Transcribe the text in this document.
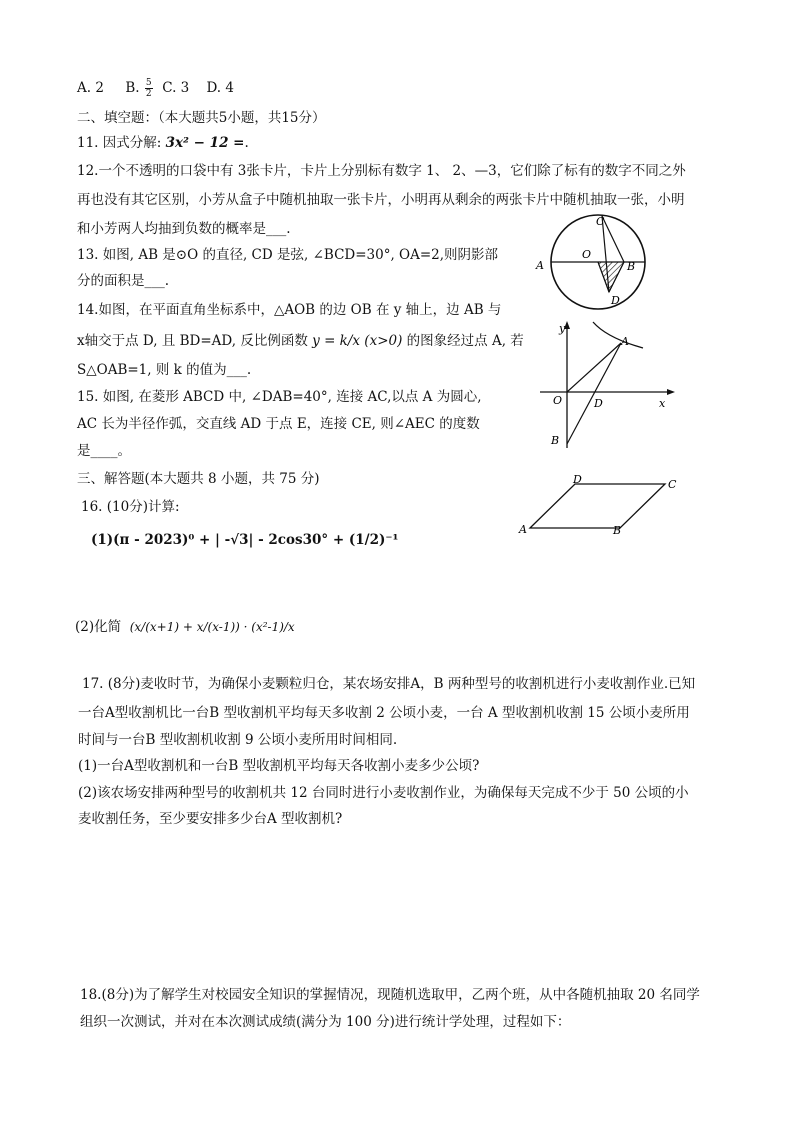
A. 2 B. $\frac{5}{2} C$. 3 D. 4
二、填空题：（本大题共5小题，共15分）
11. 因式分解: 3x² − 12 =.
12.一个不透明的口袋中有 3张卡片，卡片上分别标有数字 1、 2、—3，它们除了标有的数字不同之外
再也没有其它区别，小芳从盒子中随机抽取一张卡片，小明再从剩余的两张卡片中随机抽取一张，小明
和小芳两人均抽到负数的概率是___.
13. 如图, AB 是⊙O 的直径, CD 是弦, ∠BCD=30°, OA=2,则阴影部
分的面积是___.
14.如图，在平面直角坐标系中，△AOB 的边 OB 在 y 轴上，边 AB 与
x轴交于点 D, 且 BD=AD, 反比例函数 y = k/x (x>0) 的图象经过点 A, 若
S△OAB=1, 则 k 的值为___.
15. 如图, 在菱形 ABCD 中, ∠DAB=40°, 连接 AC,以点 A 为圆心,
AC 长为半径作弧，交直线 AD 于点 E，连接 CE, 则∠AEC 的度数
是____。
三、解答题(本大题共 8 小题，共 75 分)
16. (10分)计算:
(1)(π - 2023)⁰ + | -√3| - 2cos30° + (1/2)⁻¹
(2)化简 (x/(x+1) + x/(x-1)) · (x²-1)/x
17. (8分)麦收时节，为确保小麦颗粒归仓，某农场安排A，B 两种型号的收割机进行小麦收割作业.已知
一台A型收割机比一台B 型收割机平均每天多收割 2 公顷小麦，一台 A 型收割机收割 15 公顷小麦所用
时间与一台B 型收割机收割 9 公顷小麦所用时间相同.
(1)一台A型收割机和一台B 型收割机平均每天各收割小麦多少公顷?
(2)该农场安排两种型号的收割机共 12 台同时进行小麦收割作业，为确保每天完成不少于 50 公顷的小
麦收割任务，至少要安排多少台A 型收割机?
18.(8分)为了解学生对校园安全知识的掌握情况，现随机选取甲，乙两个班，从中各随机抽取 20 名同学
组织一次测试，并对在本次测试成绩(满分为 100 分)进行统计学处理，过程如下：
A
O
C
B
D
y
A
O	D	x
B
D	C
A	B
